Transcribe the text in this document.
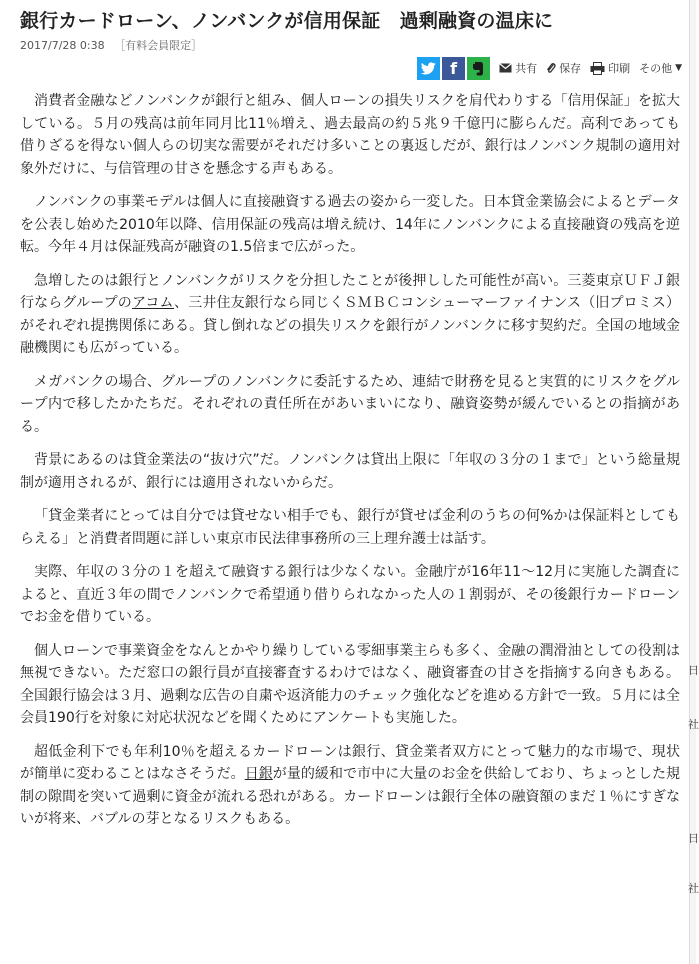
銀行カードローン、ノンバンクが信用保証　過剰融資の温床に
2017/7/28 0:38 ［有料会員限定］
f	共有 保存 印刷 その他 ▼

消費者金融などノンバンクが銀行と組み、個人ローンの損失リスクを肩代わりする「信用保証」を拡大している。５月の残高は前年同月比11％増え、過去最高の約５兆９千億円に膨らんだ。高利であっても借りざるを得ない個人らの切実な需要がそれだけ多いことの裏返しだが、銀行はノンバンク規制の適用対象外だけに、与信管理の甘さを懸念する声もある。

ノンバンクの事業モデルは個人に直接融資する過去の姿から一変した。日本貸金業協会によるとデータを公表し始めた2010年以降、信用保証の残高は増え続け、14年にノンバンクによる直接融資の残高を逆転。今年４月は保証残高が融資の1.5倍まで広がった。

急増したのは銀行とノンバンクがリスクを分担したことが後押しした可能性が高い。三菱東京ＵＦＪ銀行ならグループのアコム、三井住友銀行なら同じくＳＭＢＣコンシューマーファイナンス（旧プロミス）がそれぞれ提携関係にある。貸し倒れなどの損失リスクを銀行がノンバンクに移す契約だ。全国の地域金融機関にも広がっている。

メガバンクの場合、グループのノンバンクに委託するため、連結で財務を見ると実質的にリスクをグループ内で移したかたちだ。それぞれの責任所在があいまいになり、融資姿勢が緩んでいるとの指摘がある。

背景にあるのは貸金業法の“抜け穴”だ。ノンバンクは貸出上限に「年収の３分の１まで」という総量規制が適用されるが、銀行には適用されないからだ。

「貸金業者にとっては自分では貸せない相手でも、銀行が貸せば金利のうちの何%かは保証料としてもらえる」と消費者問題に詳しい東京市民法律事務所の三上理弁護士は話す。

実際、年収の３分の１を超えて融資する銀行は少なくない。金融庁が16年11～12月に実施した調査によると、直近３年の間でノンバンクで希望通り借りられなかった人の１割弱が、その後銀行カードローンでお金を借りている。

個人ローンで事業資金をなんとかやり繰りしている零細事業主らも多く、金融の潤滑油としての役割は無視できない。ただ窓口の銀行員が直接審査するわけではなく、融資審査の甘さを指摘する向きもある。全国銀行協会は３月、過剰な広告の自粛や返済能力のチェック強化などを進める方針で一致。５月には全会員190行を対象に対応状況などを聞くためにアンケートも実施した。

超低金利下でも年利10％を超えるカードローンは銀行、貸金業者双方にとって魅力的な市場で、現状が簡単に変わることはなさそうだ。日銀が量的緩和で市中に大量のお金を供給しており、ちょっとした規制の隙間を突いて過剰に資金が流れる恐れがある。カードローンは銀行全体の融資額のまだ１％にすぎないが将来、バブルの芽となるリスクもある。

日
社
日
社
